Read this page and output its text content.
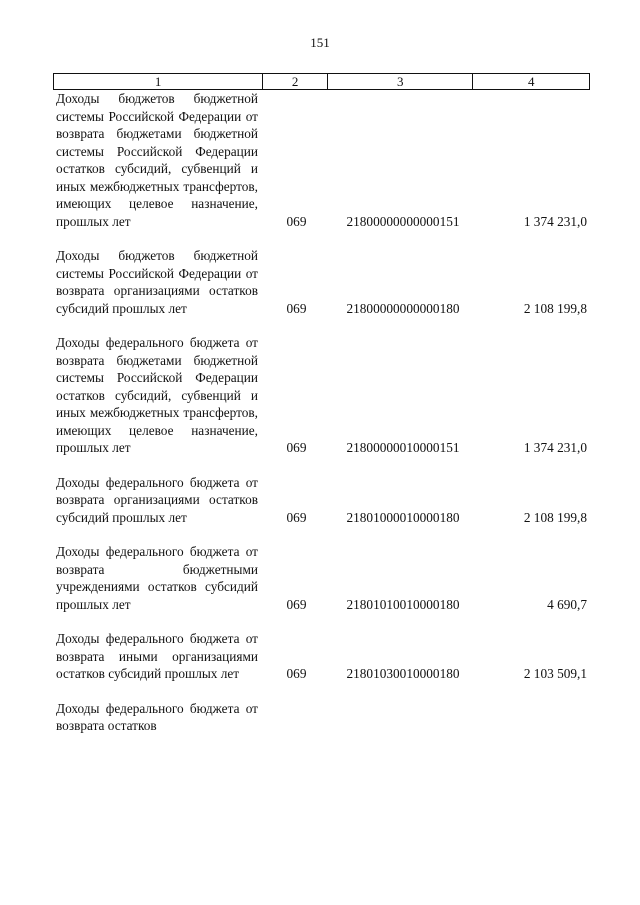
151
1	2	3	4
Доходы бюджетов бюджетной системы Российской Федерации от возврата бюджетами бюджетной системы Российской Федерации остатков субсидий, субвенций и иных межбюджетных трансфертов, имеющих целевое назначение, прошлых лет	069	21800000000000151	1 374 231,0
Доходы бюджетов бюджетной системы Российской Федерации от возврата организациями остатков субсидий прошлых лет	069	21800000000000180	2 108 199,8
Доходы федерального бюджета от возврата бюджетами бюджетной системы Российской Федерации остатков субсидий, субвенций и иных межбюджетных трансфертов, имеющих целевое назначение, прошлых лет	069	21800000010000151	1 374 231,0
Доходы федерального бюджета от возврата организациями остатков субсидий прошлых лет	069	21801000010000180	2 108 199,8
Доходы федерального бюджета от возврата бюджетными учреждениями остатков субсидий прошлых лет	069	21801010010000180	4 690,7
Доходы федерального бюджета от возврата иными организациями остатков субсидий прошлых лет	069	21801030010000180	2 103 509,1
Доходы федерального бюджета от возврата остатков
